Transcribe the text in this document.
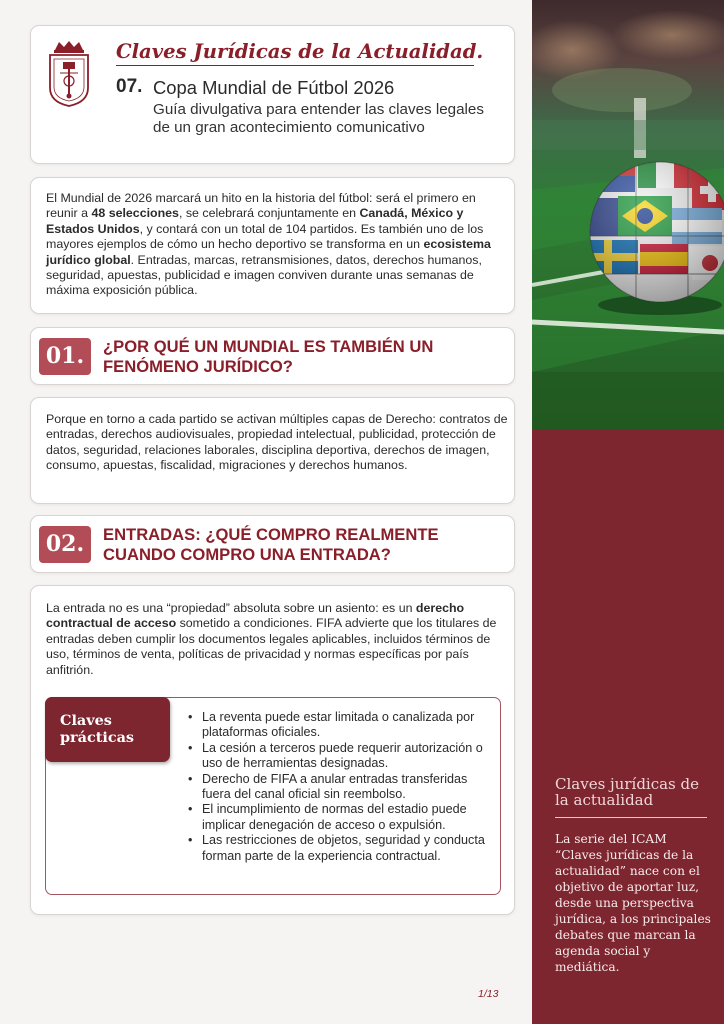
Claves Jurídicas de la Actualidad.
07. Copa Mundial de Fútbol 2026
Guía divulgativa para entender las claves legales de un gran acontecimiento comunicativo

El Mundial de 2026 marcará un hito en la historia del fútbol: será el primero en reunir a 48 selecciones, se celebrará conjuntamente en Canadá, México y Estados Unidos, y contará con un total de 104 partidos. Es también uno de los mayores ejemplos de cómo un hecho deportivo se transforma en un ecosistema jurídico global. Entradas, marcas, retransmisiones, datos, derechos humanos, seguridad, apuestas, publicidad e imagen conviven durante unas semanas de máxima exposición pública.

01.	¿POR QUÉ UN MUNDIAL ES TAMBIÉN UN FENÓMENO JURÍDICO?

Porque en torno a cada partido se activan múltiples capas de Derecho: contratos de entradas, derechos audiovisuales, propiedad intelectual, publicidad, protección de datos, seguridad, relaciones laborales, disciplina deportiva, derechos de imagen, consumo, apuestas, fiscalidad, migraciones y derechos humanos.

02.	ENTRADAS: ¿QUÉ COMPRO REALMENTE CUANDO COMPRO UNA ENTRADA?

La entrada no es una “propiedad” absoluta sobre un asiento: es un derecho contractual de acceso sometido a condiciones. FIFA advierte que los titulares de entradas deben cumplir los documentos legales aplicables, incluidos términos de uso, términos de venta, políticas de privacidad y normas específicas por país anfitrión.

Claves prácticas
• La reventa puede estar limitada o canalizada por plataformas oficiales.
• La cesión a terceros puede requerir autorización o uso de herramientas designadas.
• Derecho de FIFA a anular entradas transferidas fuera del canal oficial sin reembolso.
• El incumplimiento de normas del estadio puede implicar denegación de acceso o expulsión.
• Las restricciones de objetos, seguridad y conducta forman parte de la experiencia contractual.
1/13
Claves jurídicas de la actualidad
La serie del ICAM “Claves jurídicas de la actualidad” nace con el objetivo de aportar luz, desde una perspectiva jurídica, a los principales debates que marcan la agenda social y mediática.
